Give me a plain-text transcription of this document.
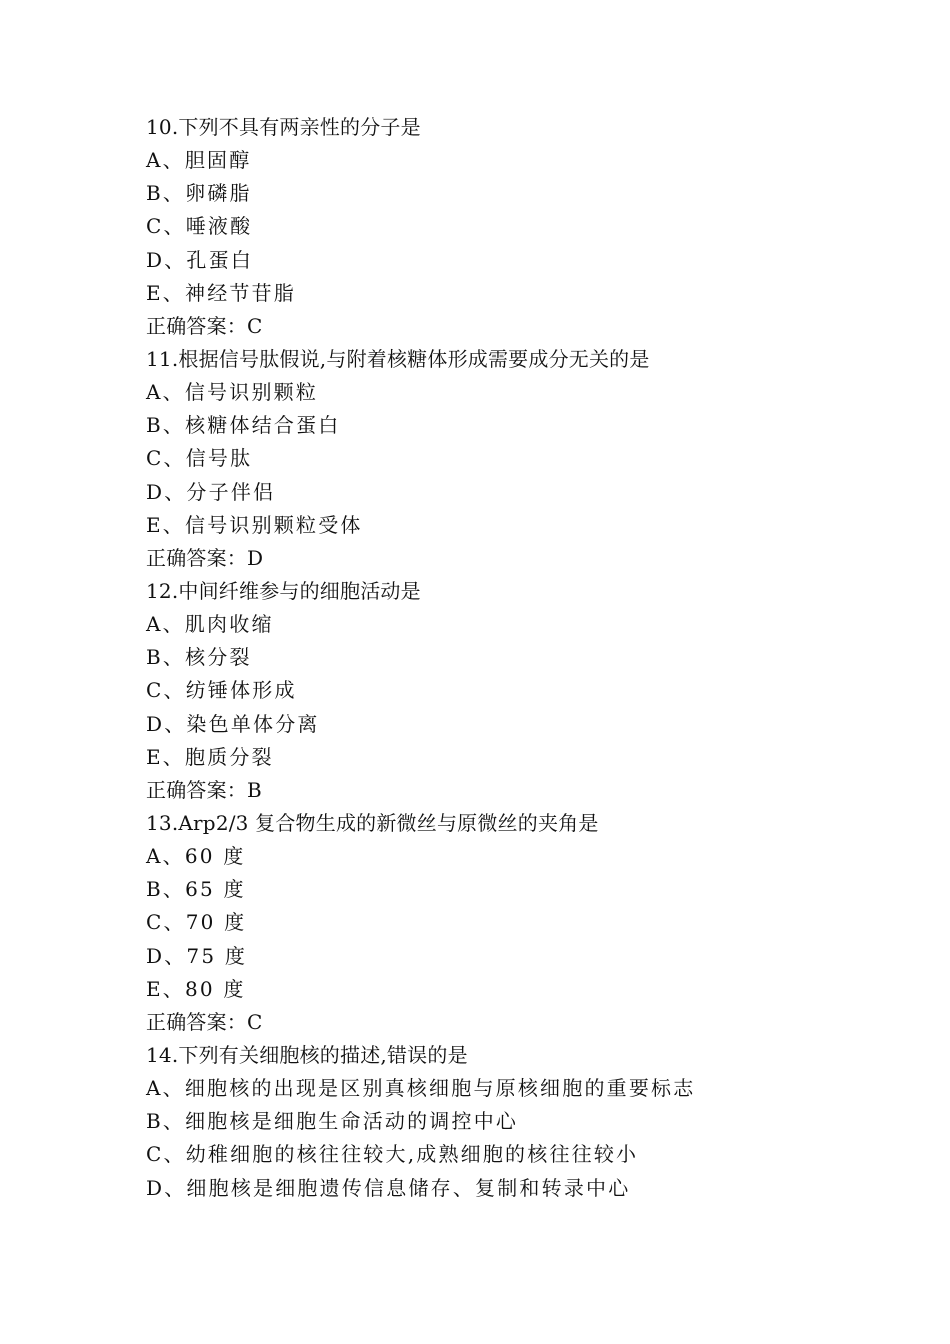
10.下列不具有两亲性的分子是
A、胆固醇
B、卵磷脂
C、唾液酸
D、孔蛋白
E、神经节苷脂
正确答案：C
11.根据信号肽假说,与附着核糖体形成需要成分无关的是
A、信号识别颗粒
B、核糖体结合蛋白
C、信号肽
D、分子伴侣
E、信号识别颗粒受体
正确答案：D
12.中间纤维参与的细胞活动是
A、肌肉收缩
B、核分裂
C、纺锤体形成
D、染色单体分离
E、胞质分裂
正确答案：B
13.Arp2/3 复合物生成的新微丝与原微丝的夹角是
A、60 度
B、65 度
C、70 度
D、75 度
E、80 度
正确答案：C
14.下列有关细胞核的描述,错误的是
A、细胞核的出现是区别真核细胞与原核细胞的重要标志
B、细胞核是细胞生命活动的调控中心
C、幼稚细胞的核往往较大,成熟细胞的核往往较小
D、细胞核是细胞遗传信息储存、复制和转录中心
